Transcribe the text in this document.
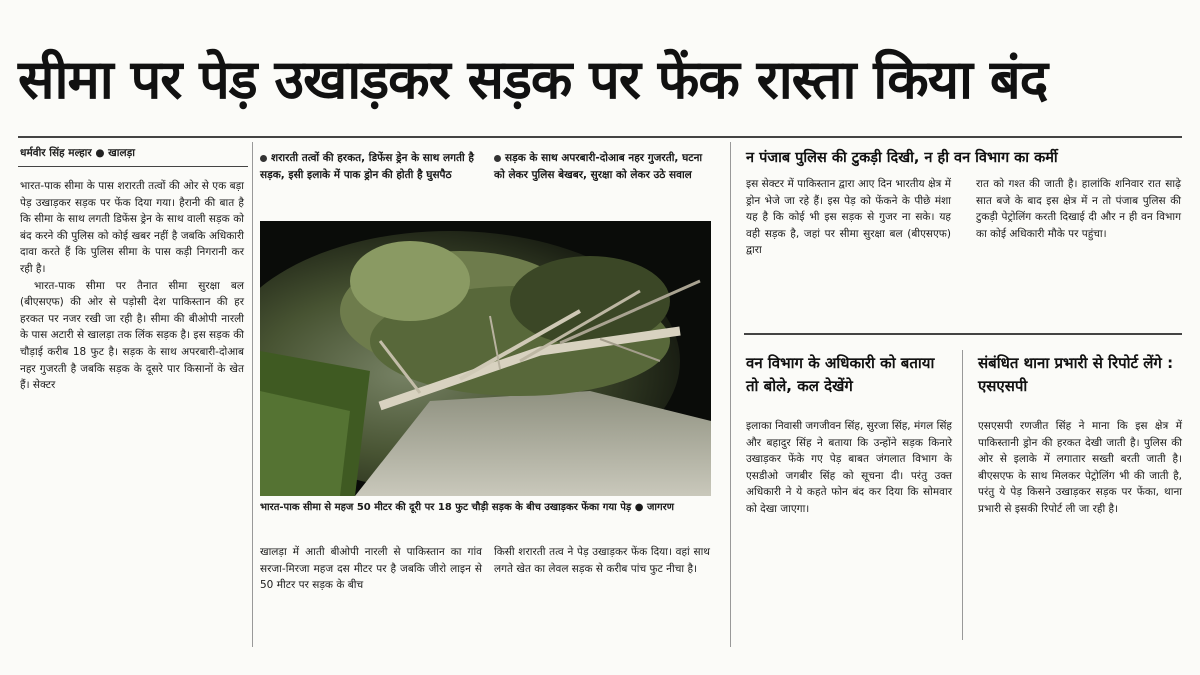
सीमा पर पेड़ उखाड़कर सड़क पर फेंक रास्ता किया बंद

धर्मवीर सिंह मल्हार ● खालड़ा

भारत-पाक सीमा के पास शरारती तत्वों की ओर से एक बड़ा पेड़ उखाड़कर सड़क पर फेंक दिया गया। हैरानी की बात है कि सीमा के साथ लगती डिफेंस ड्रेन के साथ वाली सड़क को बंद करने की पुलिस को कोई खबर नहीं है जबकि अधिकारी दावा करते हैं कि पुलिस सीमा के पास कड़ी निगरानी कर रही है।

भारत-पाक सीमा पर तैनात सीमा सुरक्षा बल (बीएसएफ) की ओर से पड़ोसी देश पाकिस्तान की हर हरकत पर नजर रखी जा रही है। सीमा की बीओपी नारली के पास अटारी से खालड़ा तक लिंक सड़क है। इस सड़क की चौड़ाई करीब 18 फुट है। सड़क के साथ अपरबारी-दोआब नहर गुजरती है जबकि सड़क के दूसरे पार किसानों के खेत हैं। सेक्टर

शरारती तत्वों की हरकत, डिफेंस ड्रेन के साथ लगती है सड़क, इसी इलाके में पाक ड्रोन की होती है घुसपैठ

सड़क के साथ अपरबारी-दोआब नहर गुजरती, घटना को लेकर पुलिस बेखबर, सुरक्षा को लेकर उठे सवाल

भारत-पाक सीमा से महज 50 मीटर की दूरी पर 18 फुट चौड़ी सड़क के बीच उखाड़कर फेंका गया पेड़ ● जागरण

खालड़ा में आती बीओपी नारली से पाकिस्तान का गांव सरजा-मिरजा महज दस मीटर पर है जबकि जीरो लाइन से 50 मीटर पर सड़क के बीच

किसी शरारती तत्व ने पेड़ उखाड़कर फेंक दिया। वहां साथ लगते खेत का लेवल सड़क से करीब पांच फुट नीचा है।

न पंजाब पुलिस की टुकड़ी दिखी, न ही वन विभाग का कर्मी

इस सेक्टर में पाकिस्तान द्वारा आए दिन भारतीय क्षेत्र में ड्रोन भेजे जा रहे हैं। इस पेड़ को फेंकने के पीछे मंशा यह है कि कोई भी इस सड़क से गुजर ना सके। यह वही सड़क है, जहां पर सीमा सुरक्षा बल (बीएसएफ) द्वारा

रात को गश्त की जाती है। हालांकि शनिवार रात साढ़े सात बजे के बाद इस क्षेत्र में न तो पंजाब पुलिस की टुकड़ी पेट्रोलिंग करती दिखाई दी और न ही वन विभाग का कोई अधिकारी मौके पर पहुंचा।

वन विभाग के अधिकारी को बताया तो बोले, कल देखेंगे

इलाका निवासी जगजीवन सिंह, सुरजा सिंह, मंगल सिंह और बहादुर सिंह ने बताया कि उन्होंने सड़क किनारे उखाड़कर फेंके गए पेड़ बाबत जंगलात विभाग के एसडीओ जगबीर सिंह को सूचना दी। परंतु उक्त अधिकारी ने ये कहते फोन बंद कर दिया कि सोमवार को देखा जाएगा।

संबंधित थाना प्रभारी से रिपोर्ट लेंगे : एसएसपी

एसएसपी रणजीत सिंह ने माना कि इस क्षेत्र में पाकिस्तानी ड्रोन की हरकत देखी जाती है। पुलिस की ओर से इलाके में लगातार सख्ती बरती जाती है। बीएसएफ के साथ मिलकर पेट्रोलिंग भी की जाती है, परंतु ये पेड़ किसने उखाड़कर सड़क पर फेंका, थाना प्रभारी से इसकी रिपोर्ट ली जा रही है।
